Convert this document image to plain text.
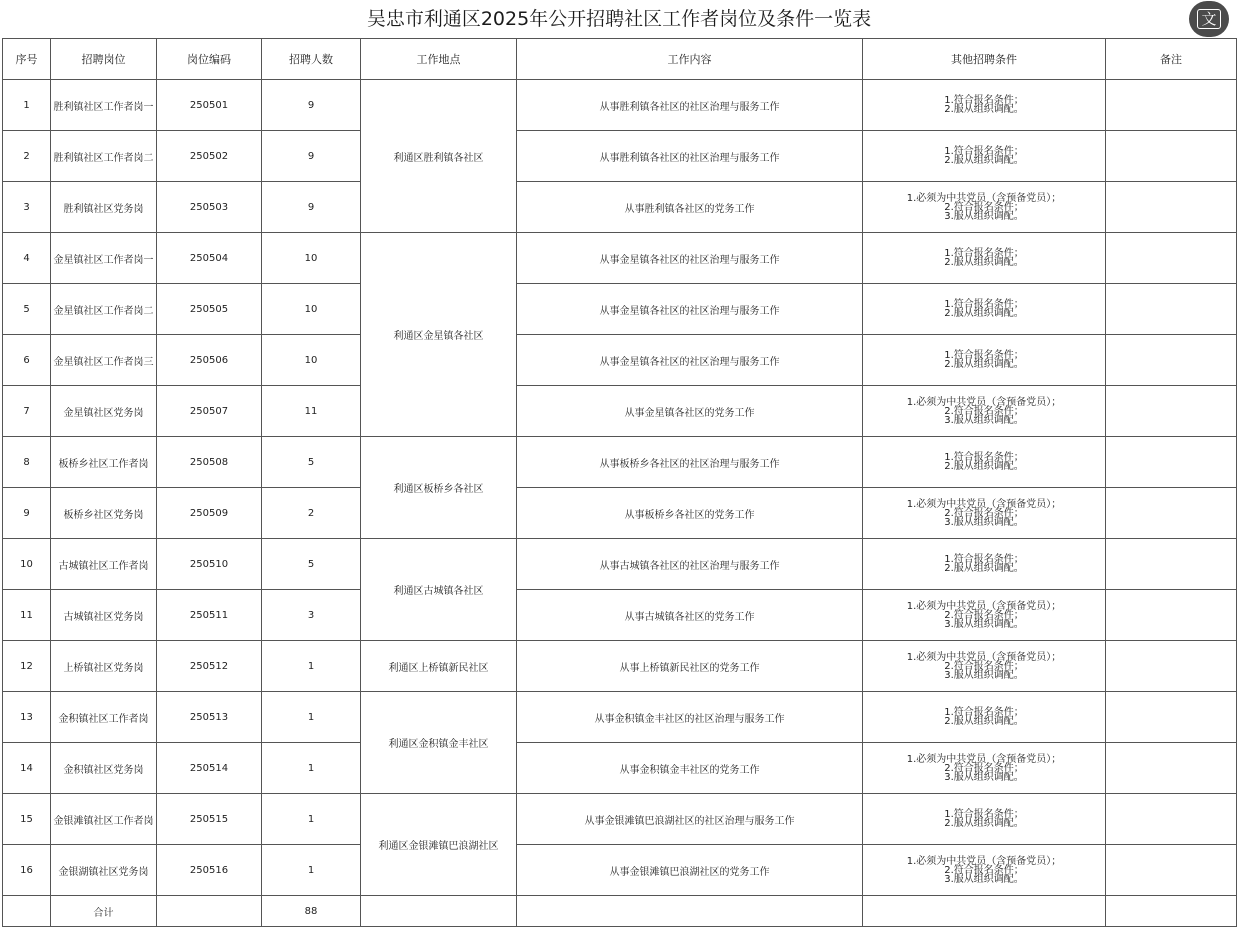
吴忠市利通区2025年公开招聘社区工作者岗位及条件一览表	文
序号	招聘岗位	岗位编码	招聘人数	工作地点	工作内容	其他招聘条件	备注
1	胜利镇社区工作者岗一	250501	9	利通区胜利镇各社区	从事胜利镇各社区的社区治理与服务工作	1.符合报名条件；
2.服从组织调配。	

2	胜利镇社区工作者岗二	250502	9		从事胜利镇各社区的社区治理与服务工作	1.符合报名条件；
2.服从组织调配。	

3	胜利镇社区党务岗	250503	9		从事胜利镇各社区的党务工作	1.必须为中共党员（含预备党员）；
2.符合报名条件；
3.服从组织调配。	

4	金星镇社区工作者岗一	250504	10	利通区金星镇各社区	从事金星镇各社区的社区治理与服务工作	1.符合报名条件；
2.服从组织调配。	

5	金星镇社区工作者岗二	250505	10		从事金星镇各社区的社区治理与服务工作	1.符合报名条件；
2.服从组织调配。	

6	金星镇社区工作者岗三	250506	10		从事金星镇各社区的社区治理与服务工作	1.符合报名条件；
2.服从组织调配。	

7	金星镇社区党务岗	250507	11		从事金星镇各社区的党务工作	1.必须为中共党员（含预备党员）；
2.符合报名条件；
3.服从组织调配。	

8	板桥乡社区工作者岗	250508	5	利通区板桥乡各社区	从事板桥乡各社区的社区治理与服务工作	1.符合报名条件；
2.服从组织调配。	

9	板桥乡社区党务岗	250509	2		从事板桥乡各社区的党务工作	1.必须为中共党员（含预备党员）；
2.符合报名条件；
3.服从组织调配。	

10	古城镇社区工作者岗	250510	5	利通区古城镇各社区	从事古城镇各社区的社区治理与服务工作	1.符合报名条件；
2.服从组织调配。	

11	古城镇社区党务岗	250511	3		从事古城镇各社区的党务工作	1.必须为中共党员（含预备党员）；
2.符合报名条件；
3.服从组织调配。	

12	上桥镇社区党务岗	250512	1	利通区上桥镇新民社区	从事上桥镇新民社区的党务工作	1.必须为中共党员（含预备党员）；
2.符合报名条件；
3.服从组织调配。	

13	金积镇社区工作者岗	250513	1	利通区金积镇金丰社区	从事金积镇金丰社区的社区治理与服务工作	1.符合报名条件；
2.服从组织调配。	

14	金积镇社区党务岗	250514	1		从事金积镇金丰社区的党务工作	1.必须为中共党员（含预备党员）；
2.符合报名条件；
3.服从组织调配。	

15	金银滩镇社区工作者岗	250515	1	利通区金银滩镇巴浪湖社区	从事金银滩镇巴浪湖社区的社区治理与服务工作	1.符合报名条件；
2.服从组织调配。	

16	金银湖镇社区党务岗	250516	1		从事金银滩镇巴浪湖社区的党务工作	1.必须为中共党员（含预备党员）；
2.符合报名条件；
3.服从组织调配。	

	合计		88				
